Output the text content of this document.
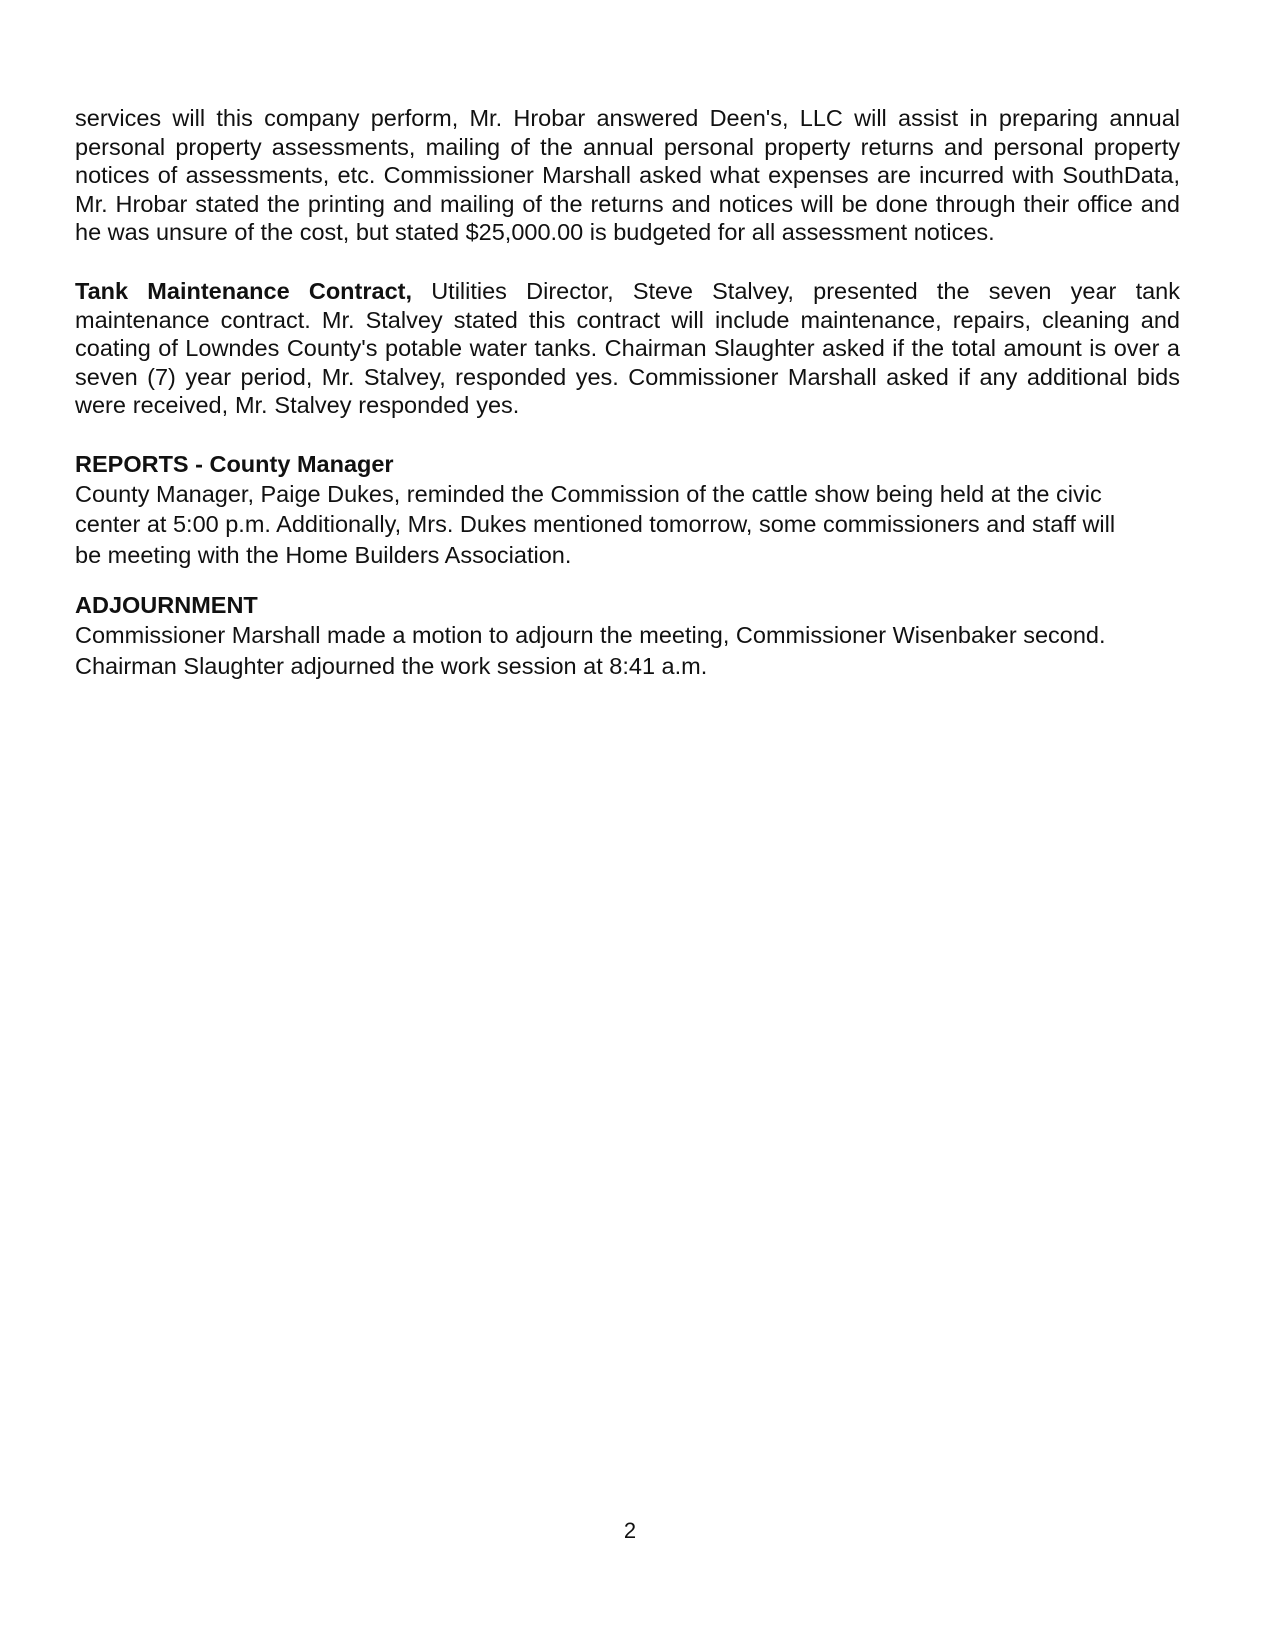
services will this company perform, Mr. Hrobar answered Deen's, LLC will assist in preparing annual personal property assessments, mailing of the annual personal property returns and personal property notices of assessments, etc. Commissioner Marshall asked what expenses are incurred with SouthData, Mr. Hrobar stated the printing and mailing of the returns and notices will be done through their office and he was unsure of the cost, but stated $25,000.00 is budgeted for all assessment notices.

Tank Maintenance Contract, Utilities Director, Steve Stalvey, presented the seven year tank maintenance contract. Mr. Stalvey stated this contract will include maintenance, repairs, cleaning and coating of Lowndes County's potable water tanks. Chairman Slaughter asked if the total amount is over a seven (7) year period, Mr. Stalvey, responded yes. Commissioner Marshall asked if any additional bids were received, Mr. Stalvey responded yes.

REPORTS - County Manager

County Manager, Paige Dukes, reminded the Commission of the cattle show being held at the civic
center at 5:00 p.m. Additionally, Mrs. Dukes mentioned tomorrow, some commissioners and staff will
be meeting with the Home Builders Association.

ADJOURNMENT

Commissioner Marshall made a motion to adjourn the meeting, Commissioner Wisenbaker second.
Chairman Slaughter adjourned the work session at 8:41 a.m.
2
